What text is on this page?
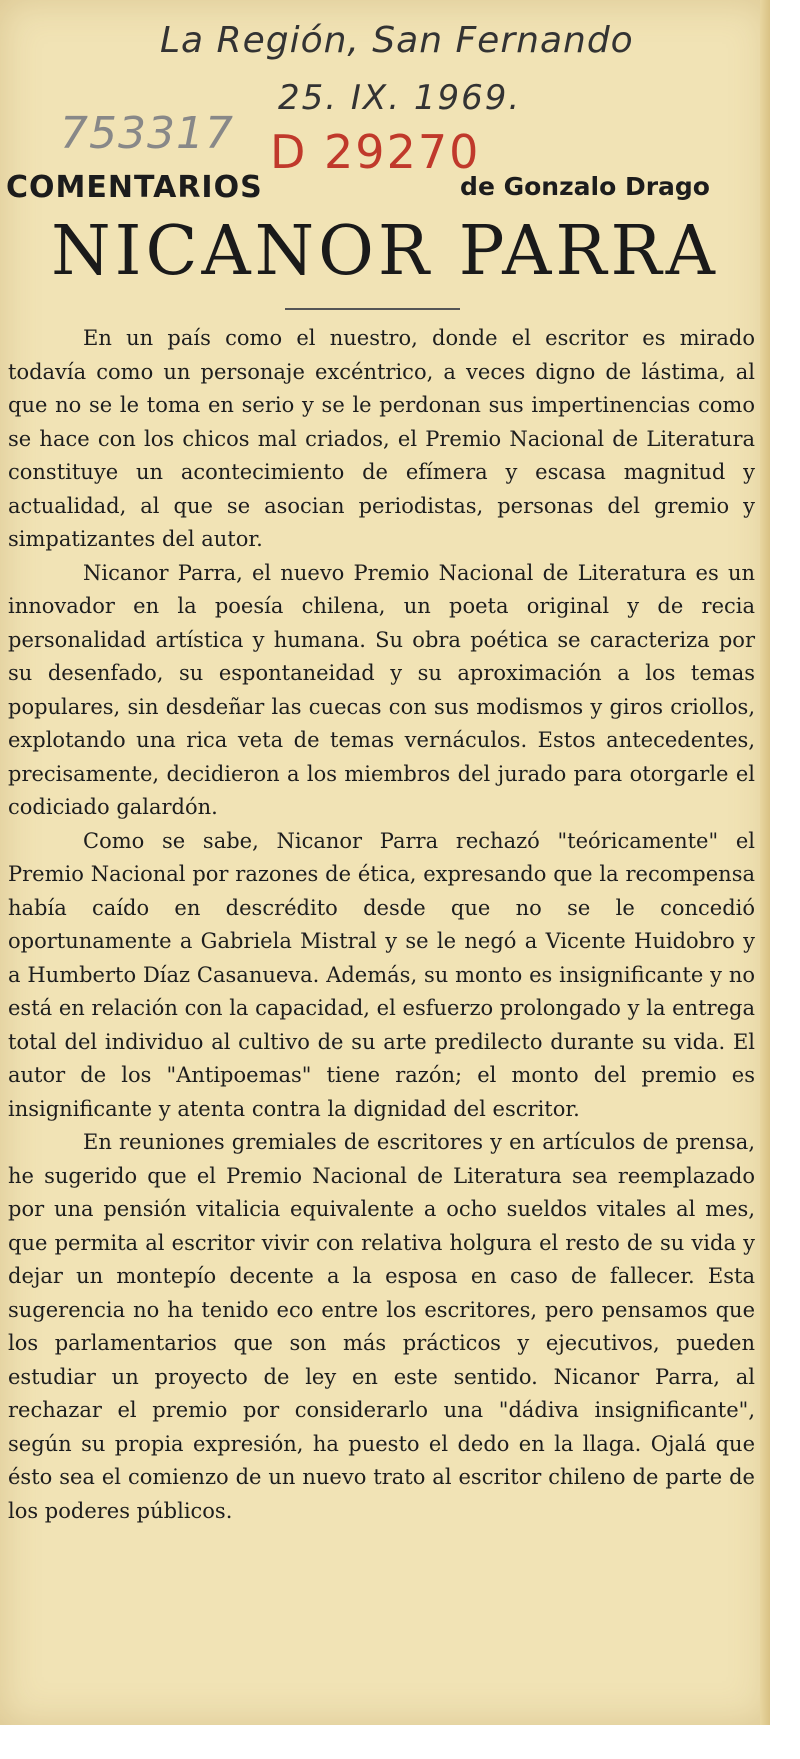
La Región, San Fernando

25. IX. 1969.

753317 D 29270

COMENTARIOS	de Gonzalo Drago
NICANOR PARRA

En un país como el nuestro, donde el escritor es mirado todavía como un personaje excéntrico, a veces digno de lástima, al que no se le toma en serio y se le perdonan sus impertinencias como se hace con los chicos mal criados, el Premio Nacional de Literatura constituye un acontecimiento de efímera y escasa magnitud y actualidad, al que se asocian periodistas, personas del gremio y simpatizantes del autor.

Nicanor Parra, el nuevo Premio Nacional de Literatura es un innovador en la poesía chilena, un poeta original y de recia personalidad artística y humana. Su obra poética se caracteriza por su desenfado, su espontaneidad y su aproximación a los temas populares, sin desdeñar las cuecas con sus modismos y giros criollos, explotando una rica veta de temas vernáculos. Estos antecedentes, precisamente, decidieron a los miembros del jurado para otorgarle el codiciado galardón.

Como se sabe, Nicanor Parra rechazó "teóricamente" el Premio Nacional por razones de ética, expresando que la recompensa había caído en descrédito desde que no se le concedió oportunamente a Gabriela Mistral y se le negó a Vicente Huidobro y a Humberto Díaz Casanueva. Además, su monto es insignificante y no está en relación con la capacidad, el esfuerzo prolongado y la entrega total del individuo al cultivo de su arte predilecto durante su vida. El autor de los "Antipoemas" tiene razón; el monto del premio es insignificante y atenta contra la dignidad del escritor.

En reuniones gremiales de escritores y en artículos de prensa, he sugerido que el Premio Nacional de Literatura sea reemplazado por una pensión vitalicia equivalente a ocho sueldos vitales al mes, que permita al escritor vivir con relativa holgura el resto de su vida y dejar un montepío decente a la esposa en caso de fallecer. Esta sugerencia no ha tenido eco entre los escritores, pero pensamos que los parlamentarios que son más prácticos y ejecutivos, pueden estudiar un proyecto de ley en este sentido. Nicanor Parra, al rechazar el premio por considerarlo una "dádiva insignificante", según su propia expresión, ha puesto el dedo en la llaga. Ojalá que ésto sea el comienzo de un nuevo trato al escritor chileno de parte de los poderes públicos.
